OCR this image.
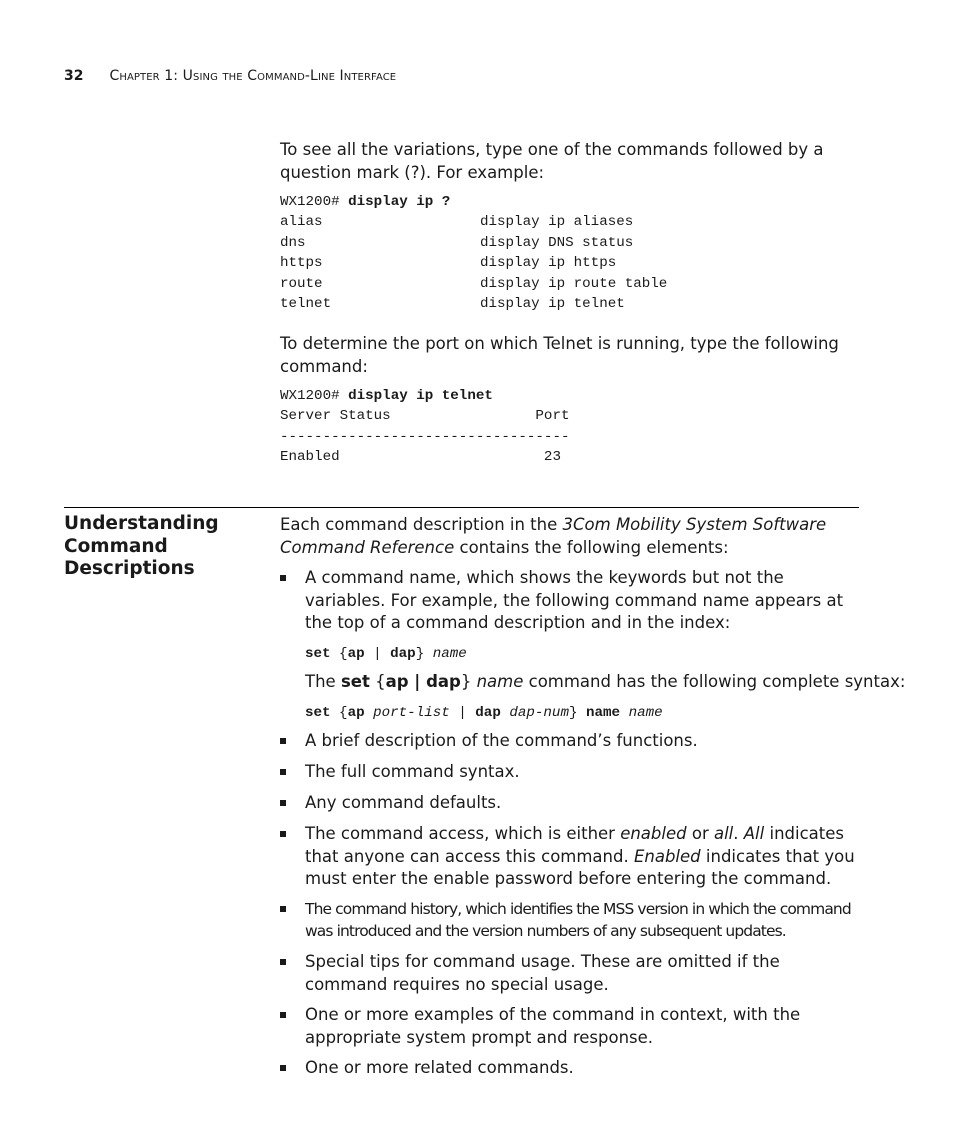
32 Chapter 1: Using the Command-Line Interface

To see all the variations, type one of the commands followed by a question mark (?). For example:

WX1200# display ip ?
alias	display ip aliases
dns	display DNS status
https	display ip https
route	display ip route table
telnet	display ip telnet

To determine the port on which Telnet is running, type the following command:

WX1200# display ip telnet
Server Status                 Port
----------------------------------
Enabled                        23

Understanding Command Descriptions

Each command description in the 3Com Mobility System Software Command Reference contains the following elements:

A command name, which shows the keywords but not the variables. For example, the following command name appears at the top of a command description and in the index:
set {ap | dap} name

The set {ap | dap} name command has the following complete syntax:

set {ap port-list | dap dap-num} name name
A brief description of the command’s functions.
The full command syntax.
Any command defaults.
The command access, which is either enabled or all. All indicates that anyone can access this command. Enabled indicates that you must enter the enable password before entering the command.
The command history, which identifies the MSS version in which the command was introduced and the version numbers of any subsequent updates.
Special tips for command usage. These are omitted if the command requires no special usage.
One or more examples of the command in context, with the appropriate system prompt and response.
One or more related commands.
